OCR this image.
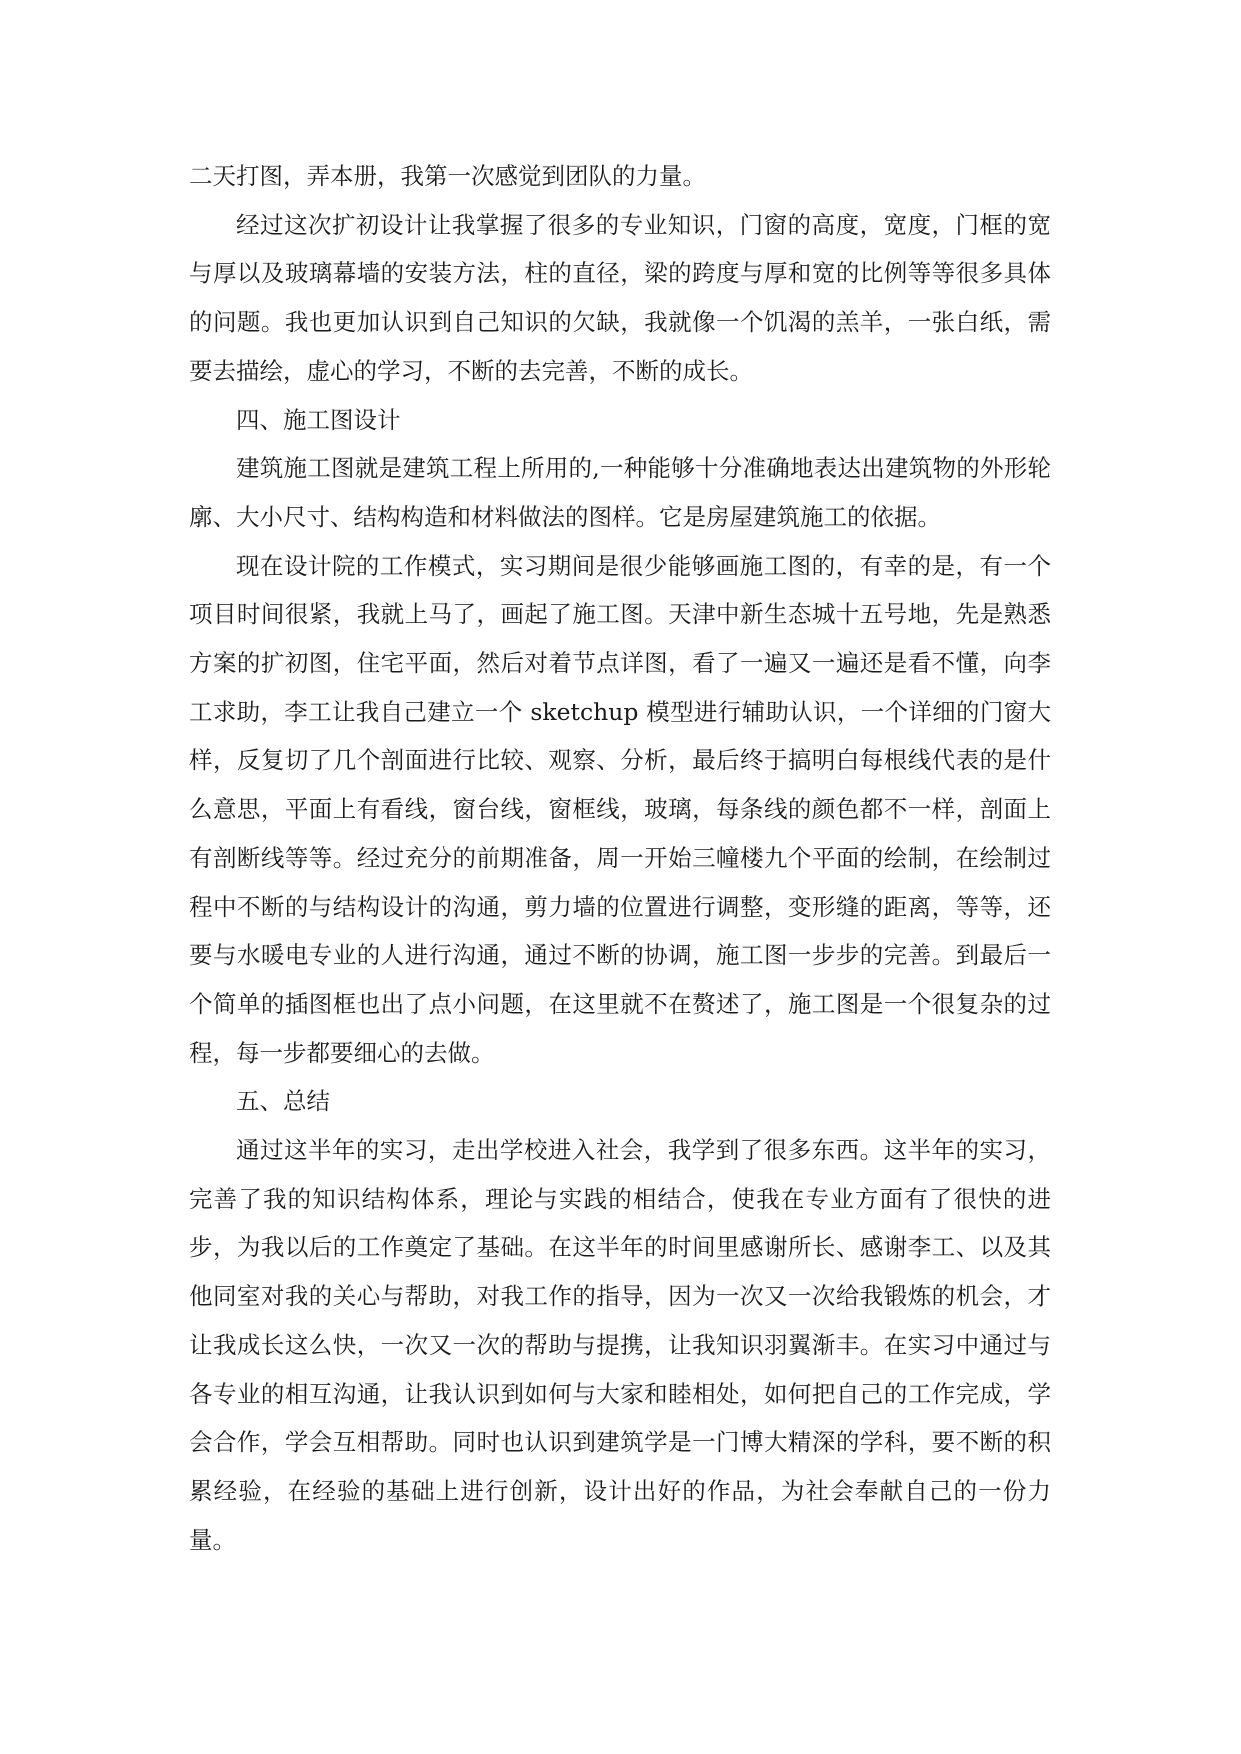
二天打图，弄本册，我第一次感觉到团队的力量。

经过这次扩初设计让我掌握了很多的专业知识，门窗的高度，宽度，门框的宽与厚以及玻璃幕墙的安装方法，柱的直径，梁的跨度与厚和宽的比例等等很多具体的问题。我也更加认识到自己知识的欠缺，我就像一个饥渴的羔羊，一张白纸，需要去描绘，虚心的学习，不断的去完善，不断的成长。

四、施工图设计

建筑施工图就是建筑工程上所用的,一种能够十分准确地表达出建筑物的外形轮廓、大小尺寸、结构构造和材料做法的图样。它是房屋建筑施工的依据。

现在设计院的工作模式，实习期间是很少能够画施工图的，有幸的是，有一个项目时间很紧，我就上马了，画起了施工图。天津中新生态城十五号地，先是熟悉方案的扩初图，住宅平面，然后对着节点详图，看了一遍又一遍还是看不懂，向李工求助，李工让我自己建立一个 sketchup 模型进行辅助认识，一个详细的门窗大样，反复切了几个剖面进行比较、观察、分析，最后终于搞明白每根线代表的是什么意思，平面上有看线，窗台线，窗框线，玻璃，每条线的颜色都不一样，剖面上有剖断线等等。经过充分的前期准备，周一开始三幢楼九个平面的绘制，在绘制过程中不断的与结构设计的沟通，剪力墙的位置进行调整，变形缝的距离，等等，还要与水暖电专业的人进行沟通，通过不断的协调，施工图一步步的完善。到最后一个简单的插图框也出了点小问题，在这里就不在赘述了，施工图是一个很复杂的过程，每一步都要细心的去做。

五、总结

通过这半年的实习，走出学校进入社会，我学到了很多东西。这半年的实习，完善了我的知识结构体系，理论与实践的相结合，使我在专业方面有了很快的进步，为我以后的工作奠定了基础。在这半年的时间里感谢所长、感谢李工、以及其他同室对我的关心与帮助，对我工作的指导，因为一次又一次给我锻炼的机会，才让我成长这么快，一次又一次的帮助与提携，让我知识羽翼渐丰。在实习中通过与各专业的相互沟通，让我认识到如何与大家和睦相处，如何把自己的工作完成，学会合作，学会互相帮助。同时也认识到建筑学是一门博大精深的学科，要不断的积累经验，在经验的基础上进行创新，设计出好的作品，为社会奉献自己的一份力量。
